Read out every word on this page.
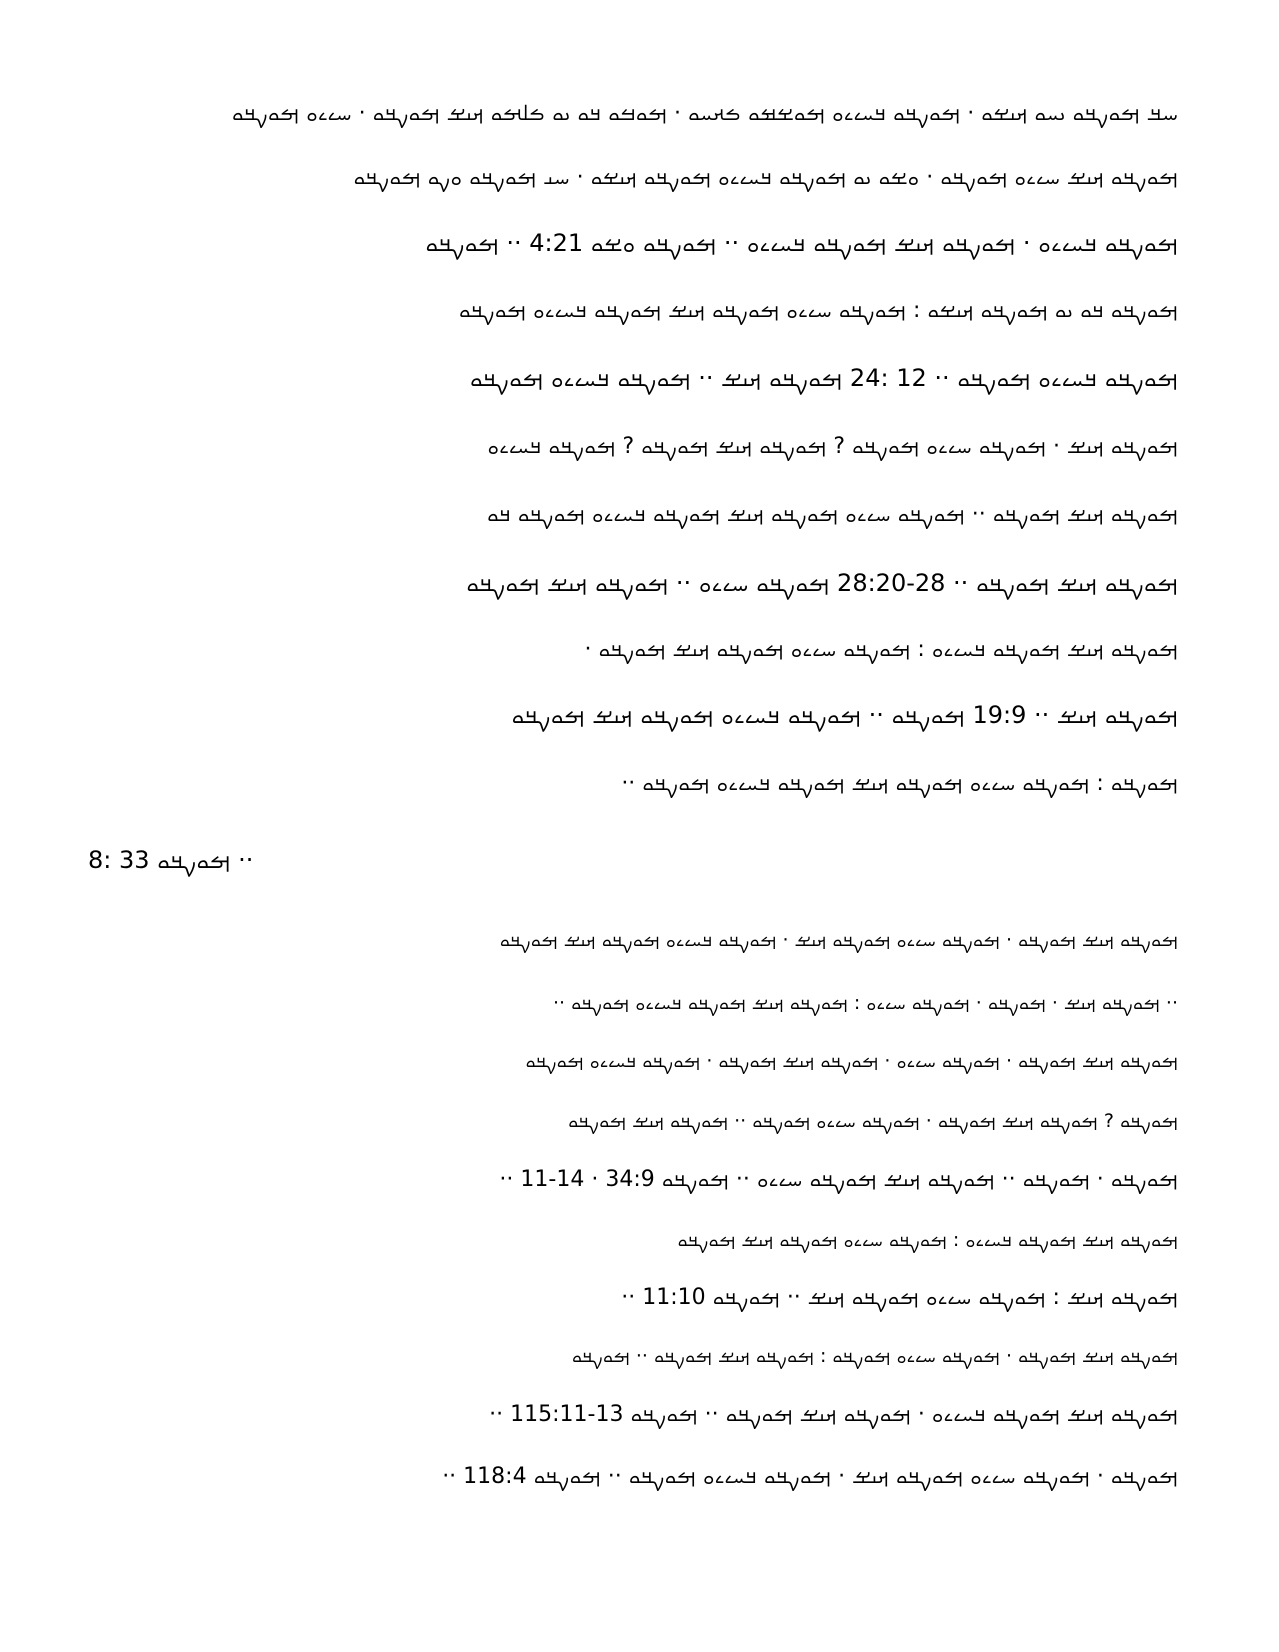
ࡄࡃ ࡌࡀࡍࡃࡀ ࡅࡄࡀ ࡕࡅࡁࡀ · ࡌࡀࡍࡃࡀ ࡃࡄࡉࡉࡀ ࡌࡀࡁࡒࡀ ࡏࡕࡄࡀ · ࡌࡀࡓࡀ ࡃࡀ ࡅࡀ ࡏࡋࡌࡀ ࡕࡅࡁ ࡌࡀࡍࡃࡀ · ࡄࡉࡉࡀ ࡌࡀࡍࡃࡀ
ࡌࡀࡍࡃࡀ ࡕࡅࡁ ࡄࡉࡉࡀ ࡌࡀࡍࡃࡀ · ࡀࡁࡀ ࡅࡀ ࡌࡀࡍࡃࡀ ࡃࡄࡉࡉࡀ ࡌࡀࡍࡃࡀ ࡕࡅࡁࡀ · ࡄࡅ ࡌࡀࡍࡃࡀ ࡀࡍࡀ ࡌࡀࡍࡃࡀ
ࡌࡀࡍࡃࡀ ࡃࡄࡉࡉࡀ · ࡌࡀࡍࡃࡀ ࡕࡅࡁ ࡌࡀࡍࡃࡀ ࡃࡄࡉࡉࡀ ·· ࡌࡀࡍࡃࡀ ࡀࡁࡀ 4:21 ·· ࡌࡀࡍࡃࡀ
ࡌࡀࡍࡃࡀ ࡃࡀ ࡅࡀ ࡌࡀࡍࡃࡀ ࡕࡅࡁࡀ : ࡌࡀࡍࡃࡀ ࡄࡉࡉࡀ ࡌࡀࡍࡃࡀ ࡕࡅࡁ ࡌࡀࡍࡃࡀ ࡃࡄࡉࡉࡀ ࡌࡀࡍࡃࡀ
ࡌࡀࡍࡃࡀ ࡃࡄࡉࡉࡀ ࡌࡀࡍࡃࡀ ·· 12 :24 ࡌࡀࡍࡃࡀ ࡕࡅࡁ ·· ࡌࡀࡍࡃࡀ ࡃࡄࡉࡉࡀ ࡌࡀࡍࡃࡀ
ࡌࡀࡍࡃࡀ ࡕࡅࡁ · ࡌࡀࡍࡃࡀ ࡄࡉࡉࡀ ࡌࡀࡍࡃࡀ ? ࡌࡀࡍࡃࡀ ࡕࡅࡁ ࡌࡀࡍࡃࡀ ? ࡌࡀࡍࡃࡀ ࡃࡄࡉࡉࡀ
ࡌࡀࡍࡃࡀ ࡕࡅࡁ ࡌࡀࡍࡃࡀ ·· ࡌࡀࡍࡃࡀ ࡄࡉࡉࡀ ࡌࡀࡍࡃࡀ ࡕࡅࡁ ࡌࡀࡍࡃࡀ ࡃࡄࡉࡉࡀ ࡌࡀࡍࡃࡀ ࡃࡀ
ࡌࡀࡍࡃࡀ ࡕࡅࡁ ࡌࡀࡍࡃࡀ ·· 28:20-28 ࡌࡀࡍࡃࡀ ࡄࡉࡉࡀ ·· ࡌࡀࡍࡃࡀ ࡕࡅࡁ ࡌࡀࡍࡃࡀ
ࡌࡀࡍࡃࡀ ࡕࡅࡁ ࡌࡀࡍࡃࡀ ࡃࡄࡉࡉࡀ : ࡌࡀࡍࡃࡀ ࡄࡉࡉࡀ ࡌࡀࡍࡃࡀ ࡕࡅࡁ ࡌࡀࡍࡃࡀ ·
ࡌࡀࡍࡃࡀ ࡕࡅࡁ ·· 19:9 ࡌࡀࡍࡃࡀ ·· ࡌࡀࡍࡃࡀ ࡃࡄࡉࡉࡀ ࡌࡀࡍࡃࡀ ࡕࡅࡁ ࡌࡀࡍࡃࡀ
ࡌࡀࡍࡃࡀ : ࡌࡀࡍࡃࡀ ࡄࡉࡉࡀ ࡌࡀࡍࡃࡀ ࡕࡅࡁ ࡌࡀࡍࡃࡀ ࡃࡄࡉࡉࡀ ࡌࡀࡍࡃࡀ ··
ࡌࡀࡍࡃࡀ 33 :8 ··
ࡌࡀࡍࡃࡀ ࡕࡅࡁ ࡌࡀࡍࡃࡀ · ࡌࡀࡍࡃࡀ ࡄࡉࡉࡀ ࡌࡀࡍࡃࡀ ࡕࡅࡁ · ࡌࡀࡍࡃࡀ ࡃࡄࡉࡉࡀ ࡌࡀࡍࡃࡀ ࡕࡅࡁ ࡌࡀࡍࡃࡀ
·· ࡌࡀࡍࡃࡀ ࡕࡅࡁ · ࡌࡀࡍࡃࡀ · ࡌࡀࡍࡃࡀ ࡄࡉࡉࡀ : ࡌࡀࡍࡃࡀ ࡕࡅࡁ ࡌࡀࡍࡃࡀ ࡃࡄࡉࡉࡀ ࡌࡀࡍࡃࡀ ··
ࡌࡀࡍࡃࡀ ࡕࡅࡁ ࡌࡀࡍࡃࡀ · ࡌࡀࡍࡃࡀ ࡄࡉࡉࡀ · ࡌࡀࡍࡃࡀ ࡕࡅࡁ ࡌࡀࡍࡃࡀ · ࡌࡀࡍࡃࡀ ࡃࡄࡉࡉࡀ ࡌࡀࡍࡃࡀ
ࡌࡀࡍࡃࡀ ? ࡌࡀࡍࡃࡀ ࡕࡅࡁ ࡌࡀࡍࡃࡀ · ࡌࡀࡍࡃࡀ ࡄࡉࡉࡀ ࡌࡀࡍࡃࡀ ·· ࡌࡀࡍࡃࡀ ࡕࡅࡁ ࡌࡀࡍࡃࡀ
ࡌࡀࡍࡃࡀ · ࡌࡀࡍࡃࡀ ·· ࡌࡀࡍࡃࡀ ࡕࡅࡁ ࡌࡀࡍࡃࡀ ࡄࡉࡉࡀ ·· ࡌࡀࡍࡃࡀ 34:9 · 11-14 ··
ࡌࡀࡍࡃࡀ ࡕࡅࡁ ࡌࡀࡍࡃࡀ ࡃࡄࡉࡉࡀ : ࡌࡀࡍࡃࡀ ࡄࡉࡉࡀ ࡌࡀࡍࡃࡀ ࡕࡅࡁ ࡌࡀࡍࡃࡀ
ࡌࡀࡍࡃࡀ ࡕࡅࡁ : ࡌࡀࡍࡃࡀ ࡄࡉࡉࡀ ࡌࡀࡍࡃࡀ ࡕࡅࡁ ·· ࡌࡀࡍࡃࡀ 11:10 ··
ࡌࡀࡍࡃࡀ ࡕࡅࡁ ࡌࡀࡍࡃࡀ · ࡌࡀࡍࡃࡀ ࡄࡉࡉࡀ ࡌࡀࡍࡃࡀ : ࡌࡀࡍࡃࡀ ࡕࡅࡁ ࡌࡀࡍࡃࡀ ·· ࡌࡀࡍࡃࡀ
ࡌࡀࡍࡃࡀ ࡕࡅࡁ ࡌࡀࡍࡃࡀ ࡃࡄࡉࡉࡀ · ࡌࡀࡍࡃࡀ ࡕࡅࡁ ࡌࡀࡍࡃࡀ ·· ࡌࡀࡍࡃࡀ 115:11-13 ··
ࡌࡀࡍࡃࡀ · ࡌࡀࡍࡃࡀ ࡄࡉࡉࡀ ࡌࡀࡍࡃࡀ ࡕࡅࡁ · ࡌࡀࡍࡃࡀ ࡃࡄࡉࡉࡀ ࡌࡀࡍࡃࡀ ·· ࡌࡀࡍࡃࡀ 118:4 ··
